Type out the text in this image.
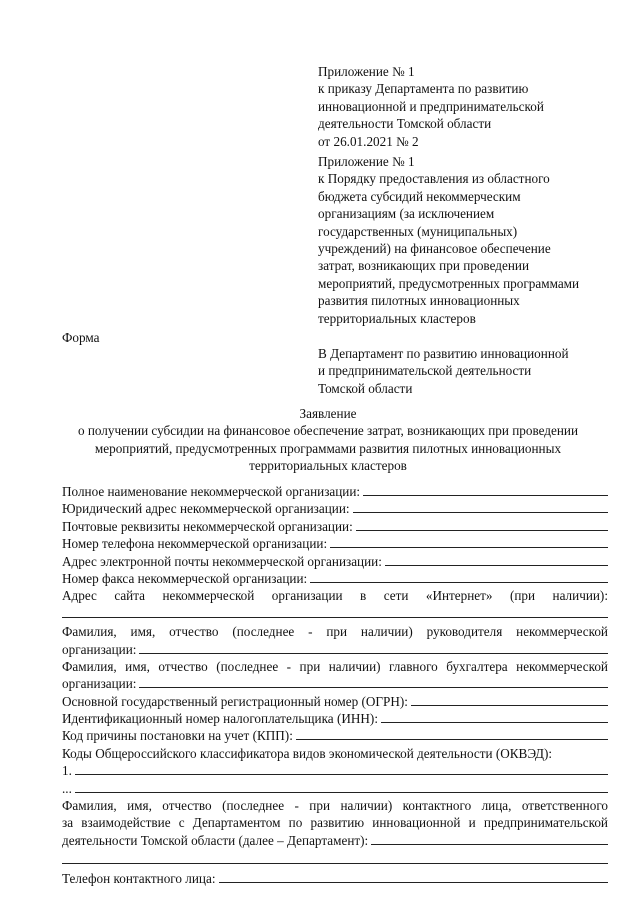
Приложение № 1
к приказу Департамента по развитию
инновационной и предпринимательской
деятельности Томской области
от 26.01.2021 № 2
Приложение № 1
к Порядку предоставления из областного
бюджета субсидий некоммерческим
организациям (за исключением
государственных (муниципальных)
учреждений) на финансовое обеспечение
затрат, возникающих при проведении
мероприятий, предусмотренных программами
развития пилотных инновационных
территориальных кластеров
Форма
В Департамент по развитию инновационной
и предпринимательской деятельности
Томской области
Заявление
о получении субсидии на финансовое обеспечение затрат, возникающих при проведении
мероприятий, предусмотренных программами развития пилотных инновационных
территориальных кластеров
Полное наименование некоммерческой организации:
Юридический адрес некоммерческой организации:
Почтовые реквизиты некоммерческой организации:
Номер телефона некоммерческой организации:
Адрес электронной почты некоммерческой организации:
Номер факса некоммерческой организации:
Адрес сайта некоммерческой организации в сети «Интернет» (при наличии):
Фамилия, имя, отчество (последнее - при наличии) руководителя некоммерческой
организации:
Фамилия, имя, отчество (последнее - при наличии) главного бухгалтера некоммерческой
организации:
Основной государственный регистрационный номер (ОГРН):
Идентификационный номер налогоплательщика (ИНН):
Код причины постановки на учет (КПП):
Коды Общероссийского классификатора видов экономической деятельности (ОКВЭД):
1.
...
Фамилия, имя, отчество (последнее - при наличии) контактного лица, ответственного
за взаимодействие с Департаментом по развитию инновационной и предпринимательской
деятельности Томской области (далее – Департамент):
Телефон контактного лица:
